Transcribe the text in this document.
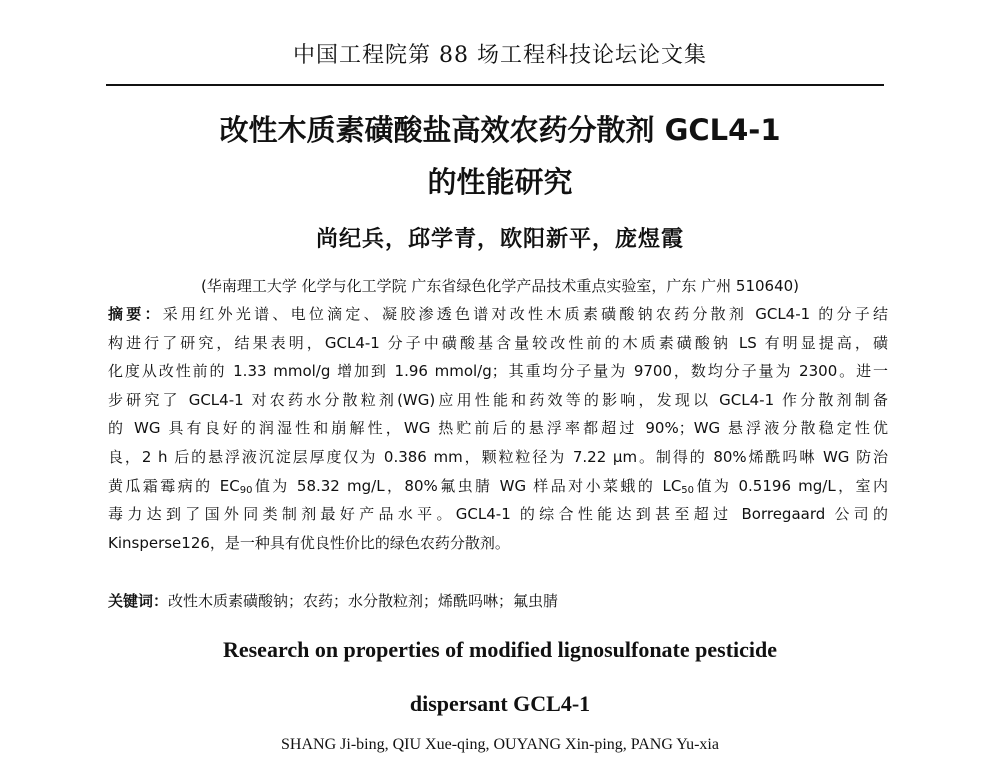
中国工程院第 88 场工程科技论坛论文集
改性木质素磺酸盐高效农药分散剂 GCL4-1
的性能研究
尚纪兵，邱学青，欧阳新平，庞煜霞
(华南理工大学 化学与化工学院 广东省绿色化学产品技术重点实验室，广东 广州 510640)
摘要：采用红外光谱、电位滴定、凝胶渗透色谱对改性木质素磺酸钠农药分散剂 GCL4-1 的分子结
构进行了研究，结果表明，GCL4-1 分子中磺酸基含量较改性前的木质素磺酸钠 LS 有明显提高，磺
化度从改性前的 1.33 mmol/g 增加到 1.96 mmol/g；其重均分子量为 9700，数均分子量为 2300。进一
步研究了 GCL4-1 对农药水分散粒剂(WG)应用性能和药效等的影响，发现以 GCL4-1 作分散剂制备
的 WG 具有良好的润湿性和崩解性，WG 热贮前后的悬浮率都超过 90%；WG 悬浮液分散稳定性优
良，2 h 后的悬浮液沉淀层厚度仅为 0.386 mm，颗粒粒径为 7.22 μm。制得的 80%烯酰吗啉 WG 防治
黄瓜霜霉病的 $EC_{90}$值为 58.32 mg/L，80%氟虫腈 WG 样品对小菜蛾的 $LC_{50}$值为 0.5196 mg/L，室内
毒力达到了国外同类制剂最好产品水平。GCL4-1 的综合性能达到甚至超过 Borregaard 公司的
Kinsperse126，是一种具有优良性价比的绿色农药分散剂。
关键词：改性木质素磺酸钠；农药；水分散粒剂；烯酰吗啉；氟虫腈
Research on properties of modified lignosulfonate pesticide
dispersant GCL4-1
SHANG Ji-bing, QIU Xue-qing, OUYANG Xin-ping, PANG Yu-xia
